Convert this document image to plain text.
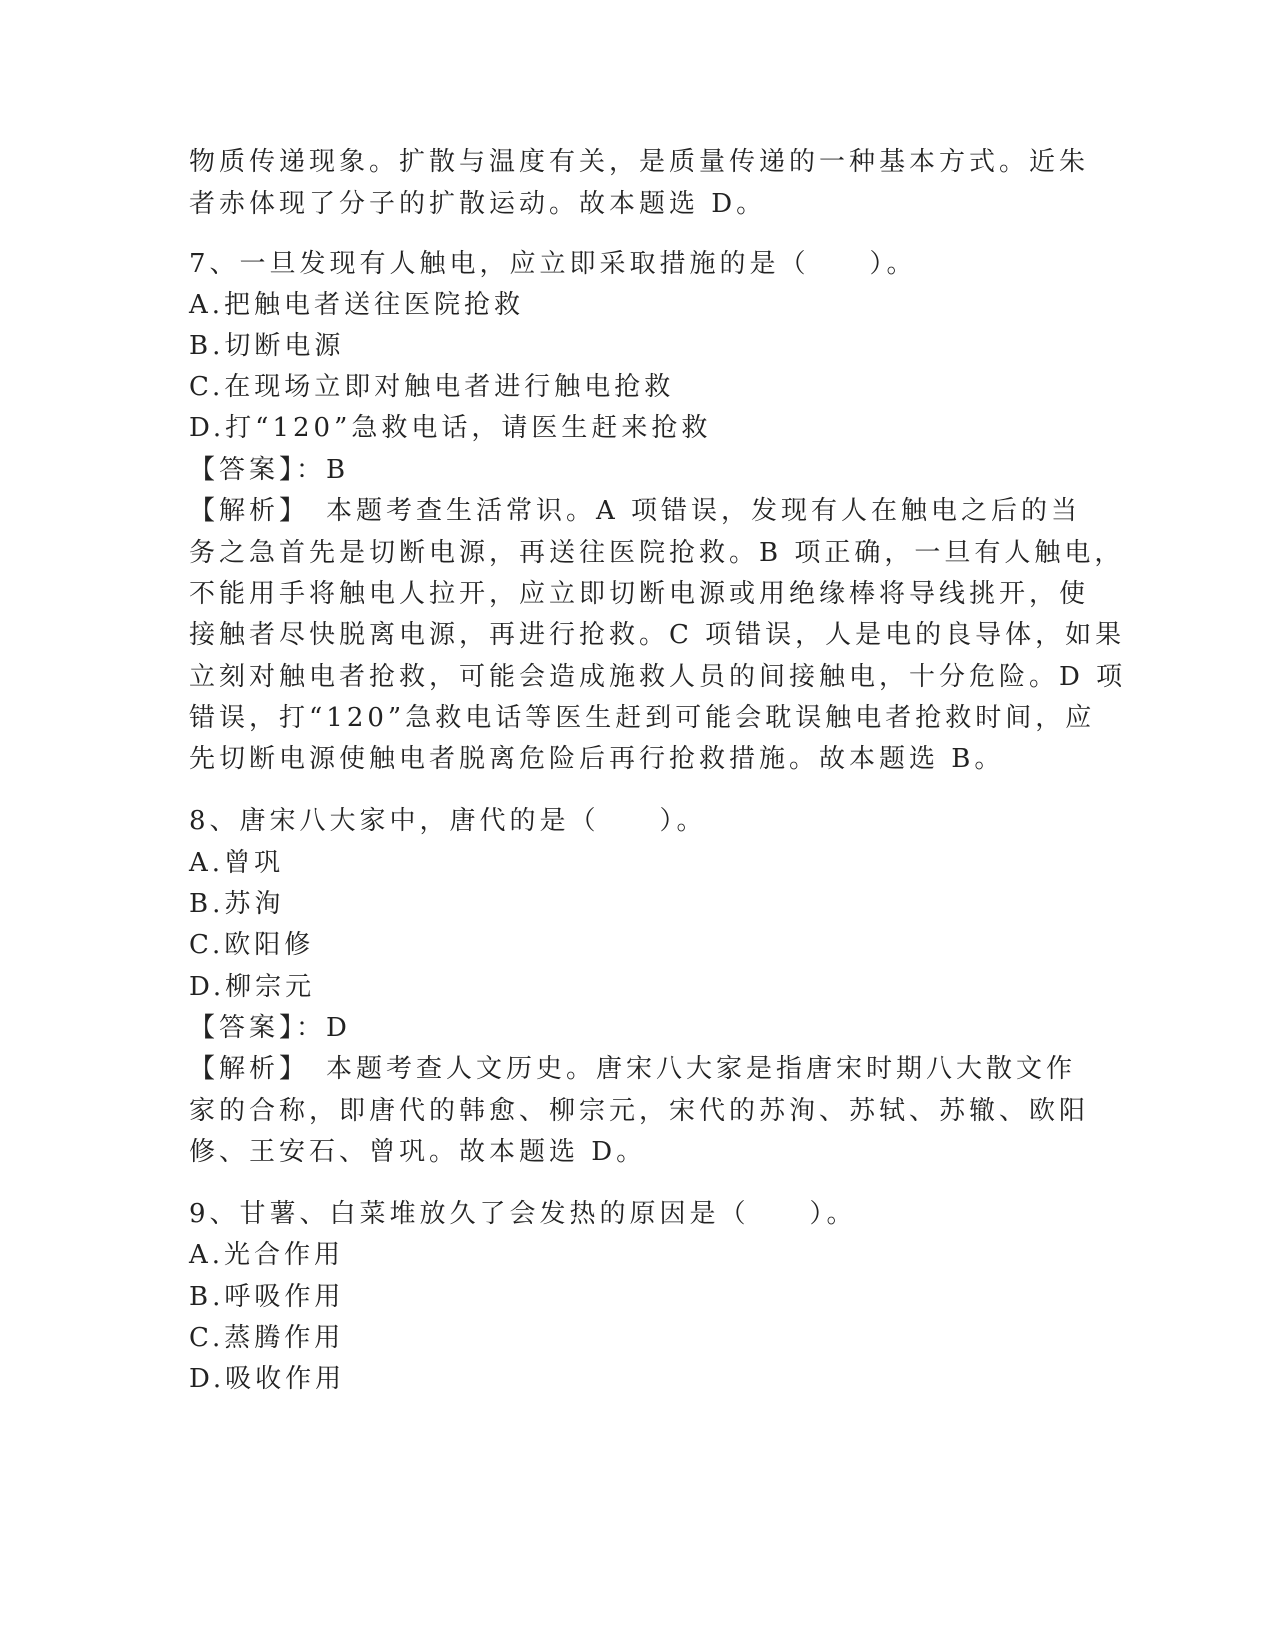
物质传递现象。扩散与温度有关，是质量传递的一种基本方式。近朱
者赤体现了分子的扩散运动。故本题选 D。
7、一旦发现有人触电，应立即采取措施的是（　　）。
A.把触电者送往医院抢救
B.切断电源
C.在现场立即对触电者进行触电抢救
D.打“120”急救电话，请医生赶来抢救
【答案】：B
【解析】　本题考查生活常识。A 项错误，发现有人在触电之后的当
务之急首先是切断电源，再送往医院抢救。B 项正确，一旦有人触电，
不能用手将触电人拉开，应立即切断电源或用绝缘棒将导线挑开，使
接触者尽快脱离电源，再进行抢救。C 项错误，人是电的良导体，如果
立刻对触电者抢救，可能会造成施救人员的间接触电，十分危险。D 项
错误，打“120”急救电话等医生赶到可能会耽误触电者抢救时间，应
先切断电源使触电者脱离危险后再行抢救措施。故本题选 B。
8、唐宋八大家中，唐代的是（　　）。
A.曾巩
B.苏洵
C.欧阳修
D.柳宗元
【答案】：D
【解析】　本题考查人文历史。唐宋八大家是指唐宋时期八大散文作
家的合称，即唐代的韩愈、柳宗元，宋代的苏洵、苏轼、苏辙、欧阳
修、王安石、曾巩。故本题选 D。
9、甘薯、白菜堆放久了会发热的原因是（　　）。
A.光合作用
B.呼吸作用
C.蒸腾作用
D.吸收作用
